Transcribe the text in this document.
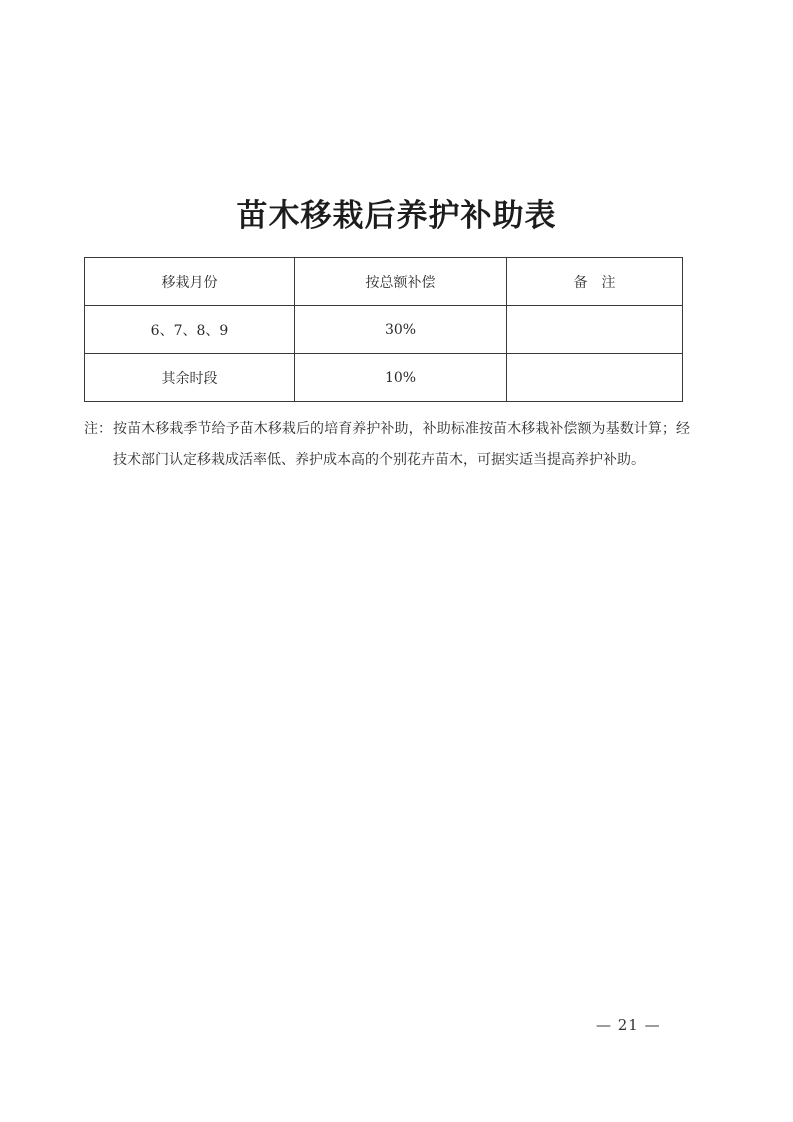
苗木移栽后养护补助表
移栽月份	按总额补偿	备　注
6、7、8、9	30%	
其余时段	10%	
注： 按苗木移栽季节给予苗木移栽后的培育养护补助，补助标准按苗木移栽补偿额为基数计算；经技术部门认定移栽成活率低、养护成本高的个别花卉苗木，可据实适当提高养护补助。
— 21 —
